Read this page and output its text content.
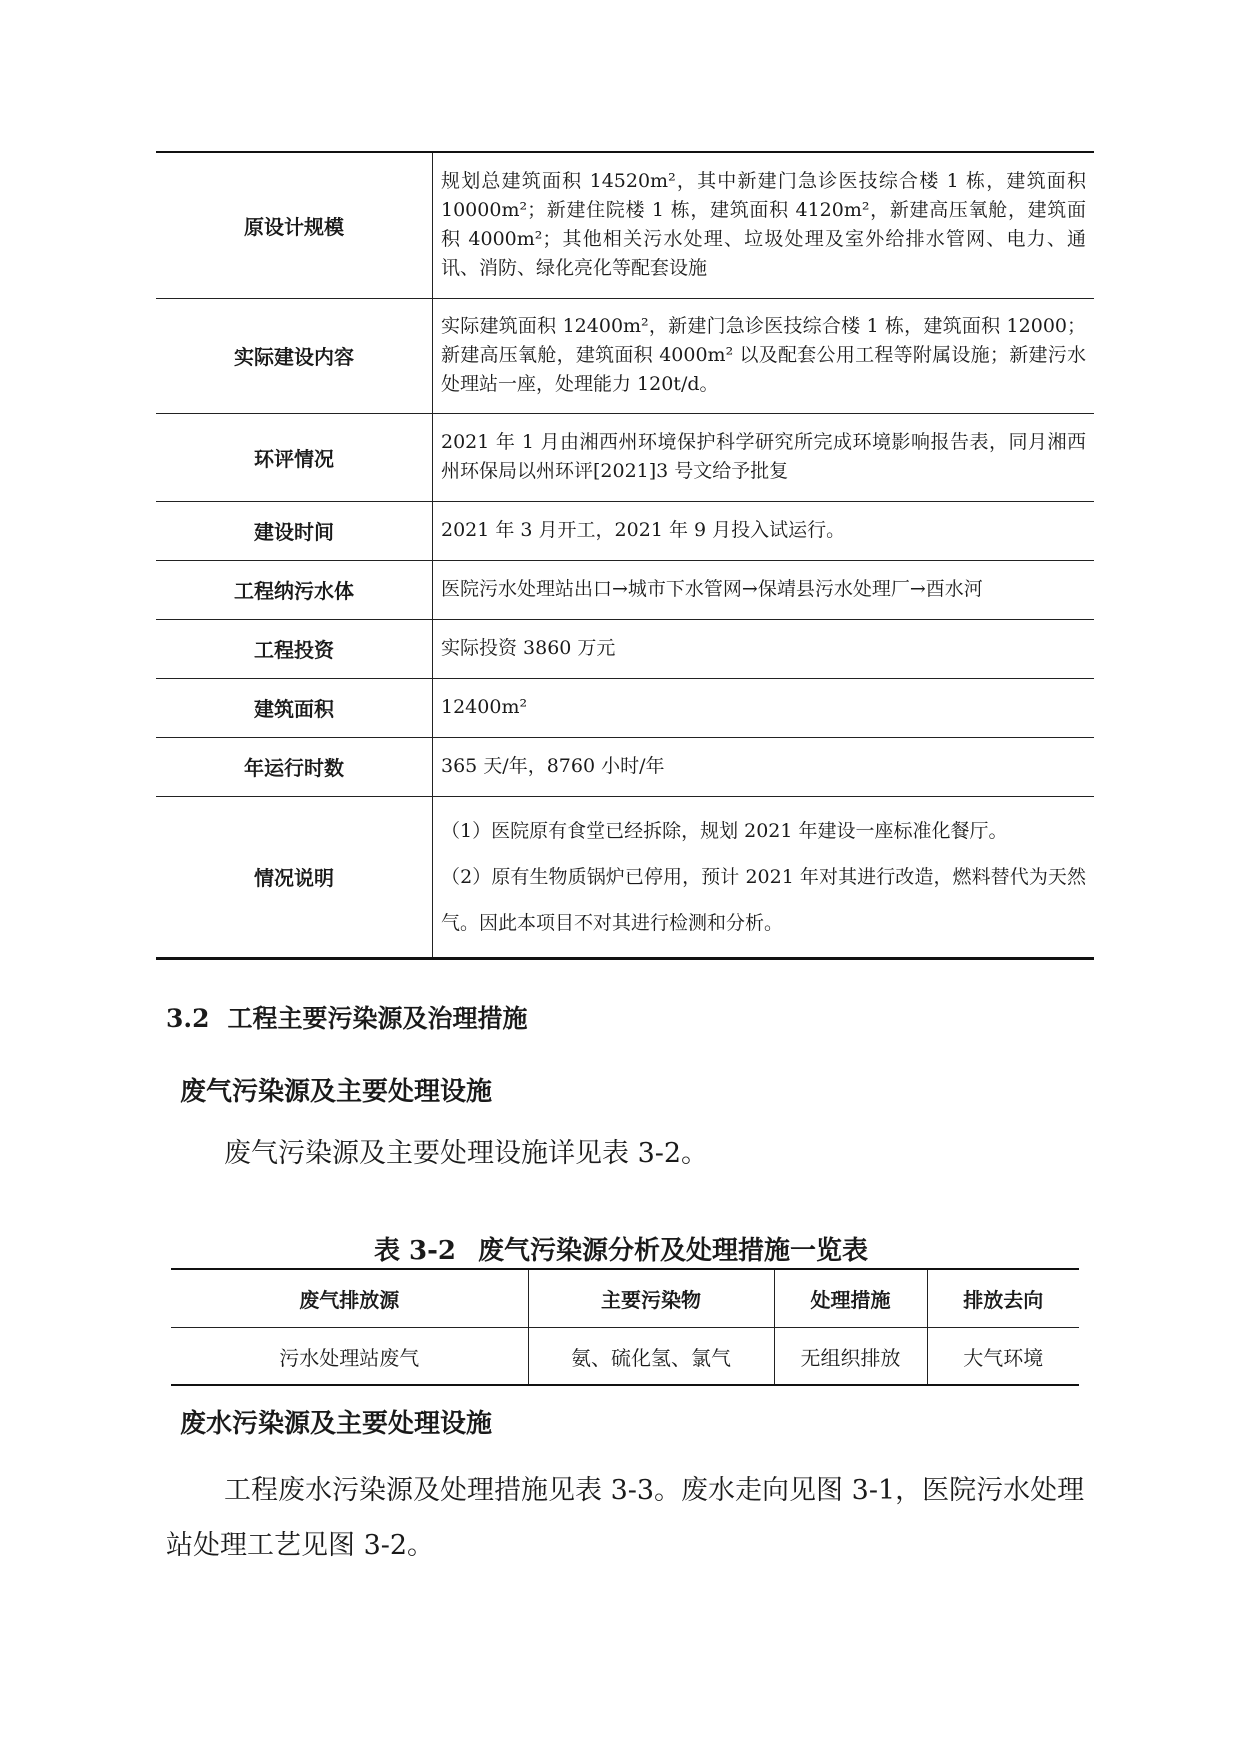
原设计规模	规划总建筑面积 14520m²，其中新建门急诊医技综合楼 1 栋，建筑面积 10000m²；新建住院楼 1 栋，建筑面积 4120m²，新建高压氧舱，建筑面积 4000m²；其他相关污水处理、垃圾处理及室外给排水管网、电力、通讯、消防、绿化亮化等配套设施

实际建设内容	实际建筑面积 12400m²，新建门急诊医技综合楼 1 栋，建筑面积 12000；新建高压氧舱，建筑面积 4000m² 以及配套公用工程等附属设施；新建污水处理站一座，处理能力 120t/d。

环评情况	2021 年 1 月由湘西州环境保护科学研究所完成环境影响报告表，同月湘西州环保局以州环评[2021]3 号文给予批复

建设时间	2021 年 3 月开工，2021 年 9 月投入试运行。

工程纳污水体	医院污水处理站出口→城市下水管网→保靖县污水处理厂→酉水河

工程投资	实际投资 3860 万元

建筑面积	12400m²

年运行时数	365 天/年，8760 小时/年

情况说明	（1）医院原有食堂已经拆除，规划 2021 年建设一座标准化餐厅。

（2）原有生物质锅炉已停用，预计 2021 年对其进行改造，燃料替代为天然气。因此本项目不对其进行检测和分析。

3.2 工程主要污染源及治理措施
废气污染源及主要处理设施

废气污染源及主要处理设施详见表 3-2。

表 3-2 废气污染源分析及处理措施一览表
废气排放源	主要污染物	处理措施	排放去向
污水处理站废气	氨、硫化氢、氯气	无组织排放	大气环境
废水污染源及主要处理设施

工程废水污染源及处理措施见表 3-3。废水走向见图 3-1，医院污水处理站处理工艺见图 3-2。
